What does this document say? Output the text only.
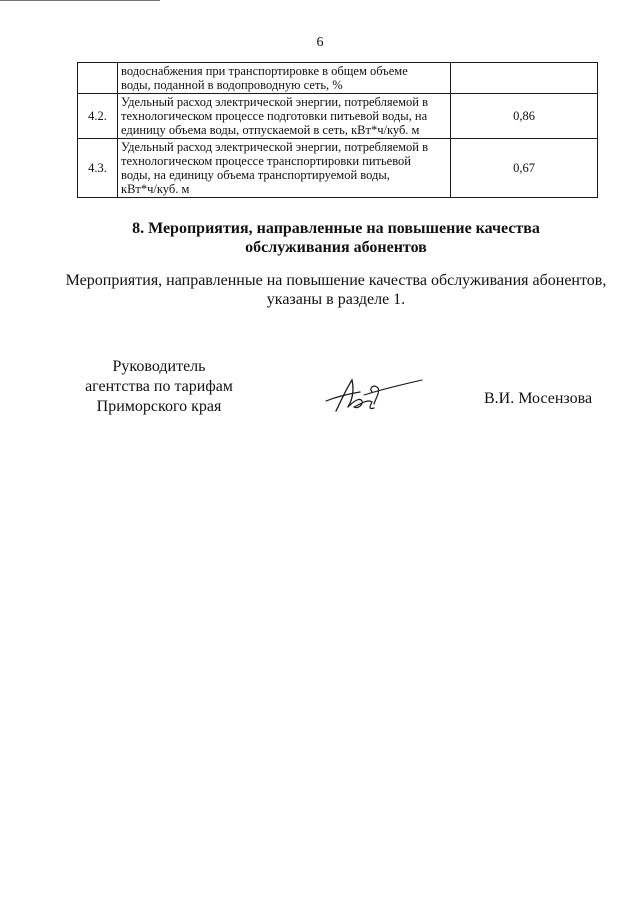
6

	водоснабжения при транспортировке в общем объеме
воды, поданной в водопроводную сеть, %	

4.2.	Удельный расход электрической энергии, потребляемой в
технологическом процессе подготовки питьевой воды, на
единицу объема воды, отпускаемой в сеть, кВт*ч/куб. м	0,86
4.3.	Удельный расход электрической энергии, потребляемой в
технологическом процессе транспортировки питьевой
воды, на единицу объема транспортируемой воды,
кВт*ч/куб. м	0,67
8. Мероприятия, направленные на повышение качества
обслуживания абонентов
Мероприятия, направленные на повышение качества обслуживания абонентов,
указаны в разделе 1.
Руководитель
агентства по тарифам
Приморского края	В.И. Мосензова
